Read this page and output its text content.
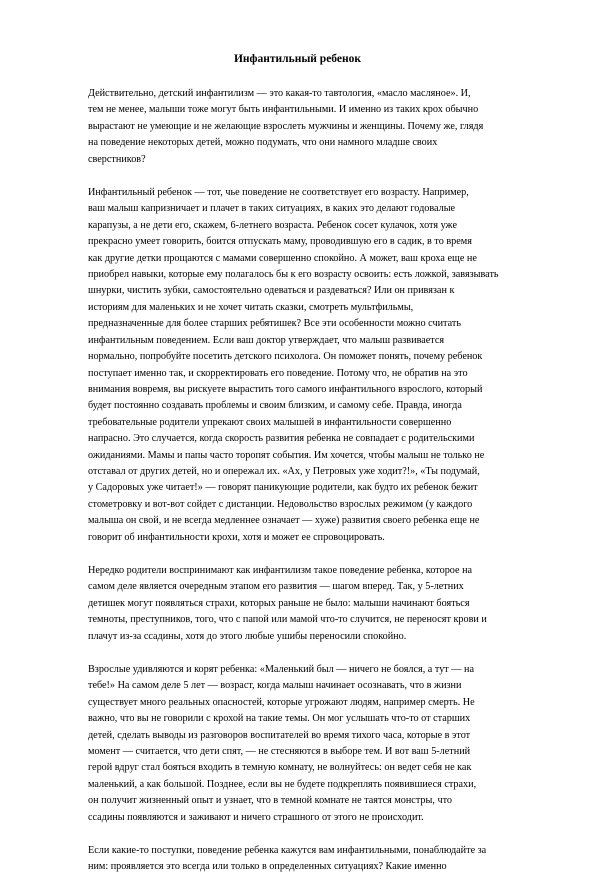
Инфантильный ребенок

Действительно, детский инфантилизм — это какая-то тавтология, «масло масляное». И,
тем не менее, малыши тоже могут быть инфантильными. И именно из таких крох обычно
вырастают не умеющие и не желающие взрослеть мужчины и женщины. Почему же, глядя
на поведение некоторых детей, можно подумать, что они намного младше своих
сверстников?

Инфантильный ребенок — тот, чье поведение не соответствует его возрасту. Например,
ваш малыш капризничает и плачет в таких ситуациях, в каких это делают годовалые
карапузы, а не дети его, скажем, 6-летнего возраста. Ребенок сосет кулачок, хотя уже
прекрасно умеет говорить, боится отпускать маму, проводившую его в садик, в то время
как другие детки прощаются с мамами совершенно спокойно. А может, ваш кроха еще не
приобрел навыки, которые ему полагалось бы к его возрасту освоить: есть ложкой, завязывать
шнурки, чистить зубки, самостоятельно одеваться и раздеваться? Или он привязан к
историям для маленьких и не хочет читать сказки, смотреть мультфильмы,
предназначенные для более старших ребятишек? Все эти особенности можно считать
инфантильным поведением. Если ваш доктор утверждает, что малыш развивается
нормально, попробуйте посетить детского психолога. Он поможет понять, почему ребенок
поступает именно так, и скорректировать его поведение. Потому что, не обратив на это
внимания вовремя, вы рискуете вырастить того самого инфантильного взрослого, который
будет постоянно создавать проблемы и своим близким, и самому себе. Правда, иногда
требовательные родители упрекают своих малышей в инфантильности совершенно
напрасно. Это случается, когда скорость развития ребенка не совпадает с родительскими
ожиданиями. Мамы и папы часто торопят события. Им хочется, чтобы малыш не только не
отставал от других детей, но и опережал их. «Ах, у Петровых уже ходит?!», «Ты подумай,
у Садоровых уже читает!» — говорят паникующие родители, как будто их ребенок бежит
стометровку и вот-вот сойдет с дистанции. Недовольство взрослых режимом (у каждого
малыша он свой, и не всегда медленнее означает — хуже) развития своего ребенка еще не
говорит об инфантильности крохи, хотя и может ее спровоцировать.

Нередко родители воспринимают как инфантилизм такое поведение ребенка, которое на
самом деле является очередным этапом его развития — шагом вперед. Так, у 5-летних
детишек могут появляться страхи, которых раньше не было: малыши начинают бояться
темноты, преступников, того, что с папой или мамой что-то случится, не переносят крови и
плачут из-за ссадины, хотя до этого любые ушибы переносили спокойно.

Взрослые удивляются и корят ребенка: «Маленький был — ничего не боялся, а тут — на
тебе!» На самом деле 5 лет — возраст, когда малыш начинает осознавать, что в жизни
существует много реальных опасностей, которые угрожают людям, например смерть. Не
важно, что вы не говорили с крохой на такие темы. Он мог услышать что-то от старших
детей, сделать выводы из разговоров воспитателей во время тихого часа, которые в этот
момент — считается, что дети спят, — не стесняются в выборе тем. И вот ваш 5-летний
герой вдруг стал бояться входить в темную комнату, не волнуйтесь: он ведет себя не как
маленький, а как большой. Позднее, если вы не будете подкреплять появившиеся страхи,
он получит жизненный опыт и узнает, что в темной комнате не таятся монстры, что
ссадины появляются и заживают и ничего страшного от этого не происходит.

Если какие-то поступки, поведение ребенка кажутся вам инфантильными, понаблюдайте за
ним: проявляется это всегда или только в определенных ситуациях? Какие именно
